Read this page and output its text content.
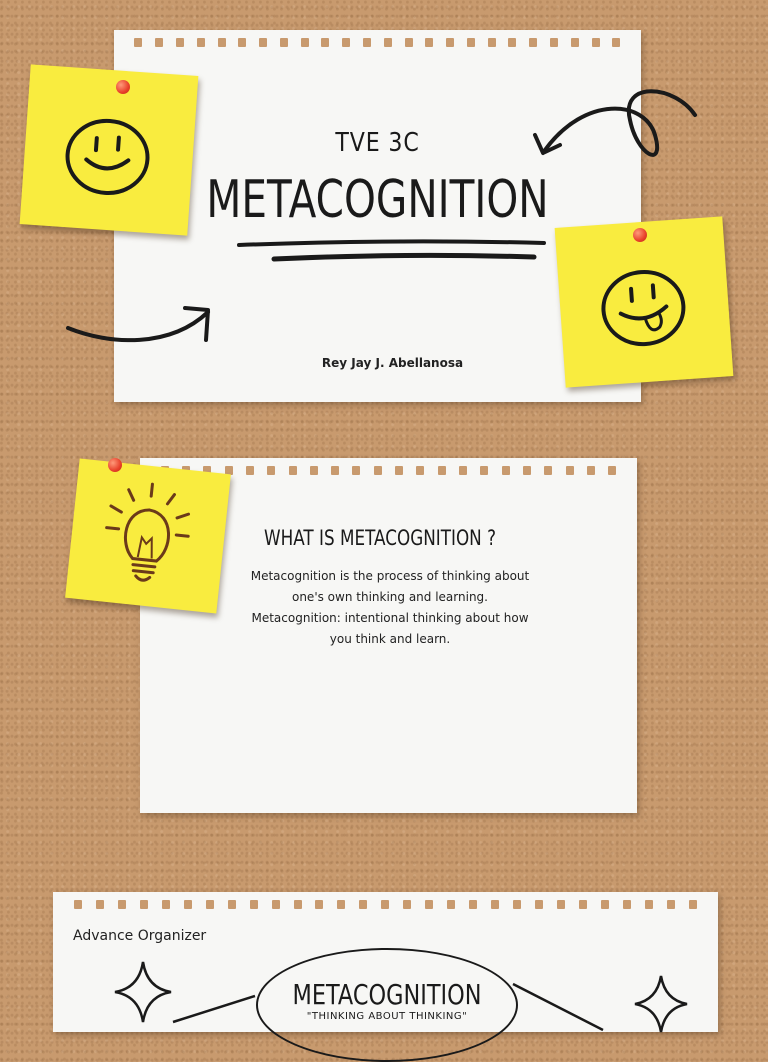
TVE 3C
METACOGNITION
Rey Jay J. Abellanosa
WHAT IS METACOGNITION ?
Metacognition is the process of thinking about
one's own thinking and learning.
Metacognition: intentional thinking about how
you think and learn.
Advance Organizer
METACOGNITION
"THINKING ABOUT THINKING"
